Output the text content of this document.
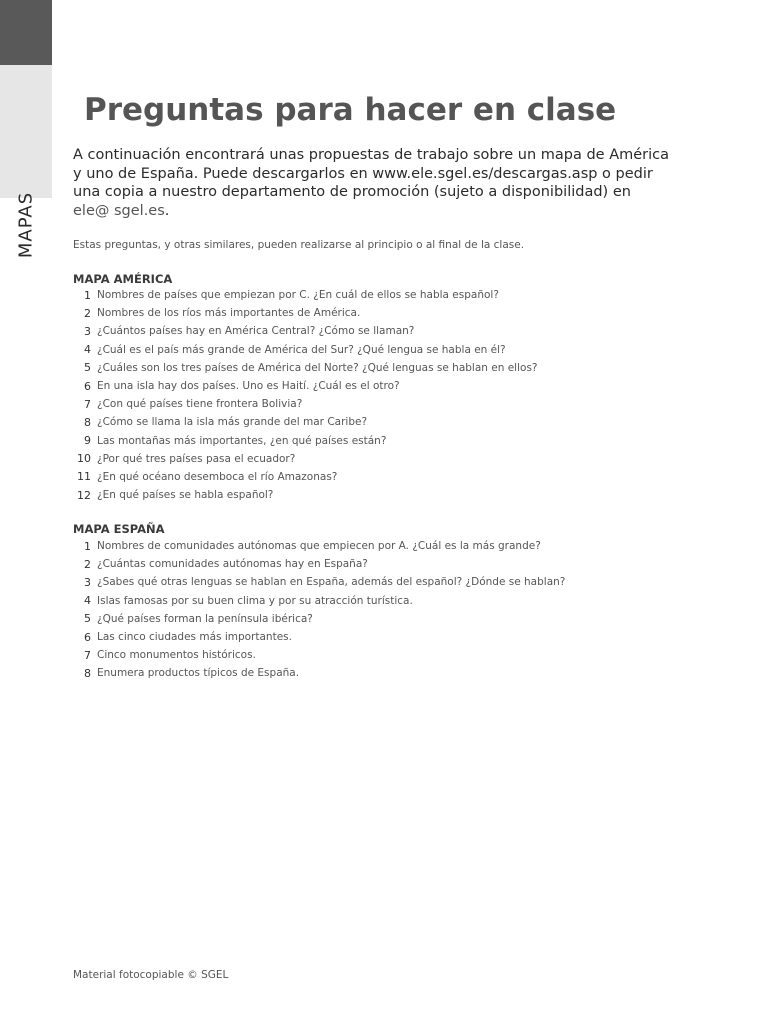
MAPAS
Preguntas para hacer en clase

A continuación encontrará unas propuestas de trabajo sobre un mapa de América y uno de España. Puede descargarlos en www.ele.sgel.es/descargas.asp o pedir una copia a nuestro departamento de promoción (sujeto a disponibilidad) en
ele@ sgel.es.

Estas preguntas, y otras similares, pueden realizarse al principio o al final de la clase.

MAPA AMÉRICA
1 Nombres de países que empiezan por C. ¿En cuál de ellos se habla español?
2 Nombres de los ríos más importantes de América.
3 ¿Cuántos países hay en América Central? ¿Cómo se llaman?
4 ¿Cuál es el país más grande de América del Sur? ¿Qué lengua se habla en él?
5 ¿Cuáles son los tres países de América del Norte? ¿Qué lenguas se hablan en ellos?
6 En una isla hay dos países. Uno es Haití. ¿Cuál es el otro?
7 ¿Con qué países tiene frontera Bolivia?
8 ¿Cómo se llama la isla más grande del mar Caribe?
9 Las montañas más importantes, ¿en qué países están?
10 ¿Por qué tres países pasa el ecuador?
11 ¿En qué océano desemboca el río Amazonas?
12 ¿En qué países se habla español?
MAPA ESPAÑA
1 Nombres de comunidades autónomas que empiecen por A. ¿Cuál es la más grande?
2 ¿Cuántas comunidades autónomas hay en España?
3 ¿Sabes qué otras lenguas se hablan en España, además del español? ¿Dónde se hablan?
4 Islas famosas por su buen clima y por su atracción turística.
5 ¿Qué países forman la península ibérica?
6 Las cinco ciudades más importantes.
7 Cinco monumentos históricos.
8 Enumera productos típicos de España.

Material fotocopiable © SGEL
